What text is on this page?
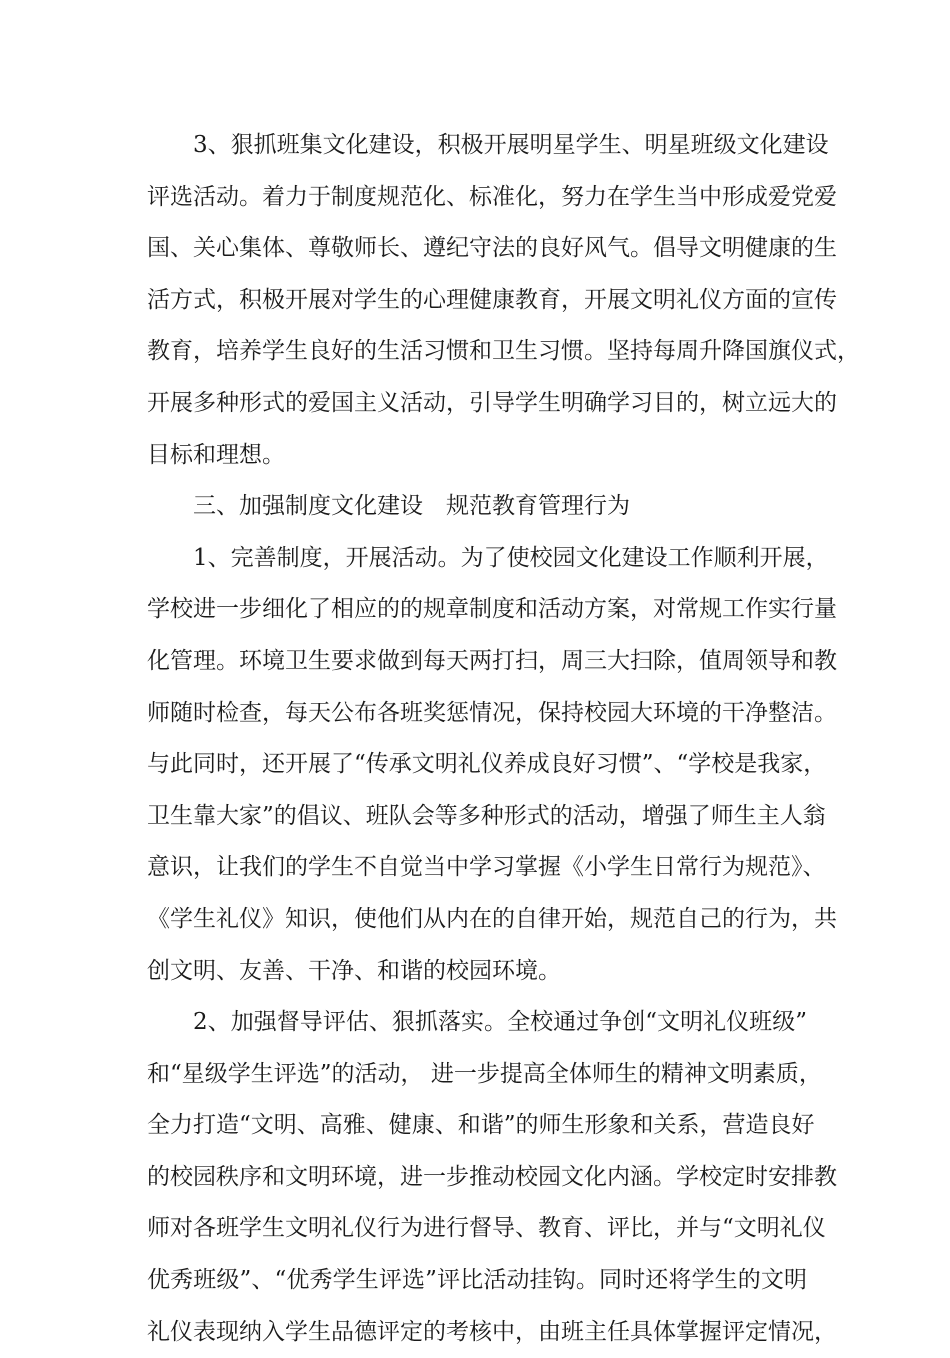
3、狠抓班集文化建设，积极开展明星学生、明星班级文化建设
评选活动。着力于制度规范化、标准化，努力在学生当中形成爱党爱
国、关心集体、尊敬师长、遵纪守法的良好风气。倡导文明健康的生
活方式，积极开展对学生的心理健康教育，开展文明礼仪方面的宣传
教育，培养学生良好的生活习惯和卫生习惯。坚持每周升降国旗仪式，
开展多种形式的爱国主义活动，引导学生明确学习目的，树立远大的
目标和理想。
三、加强制度文化建设　规范教育管理行为
1、完善制度，开展活动。为了使校园文化建设工作顺利开展，
学校进一步细化了相应的的规章制度和活动方案，对常规工作实行量
化管理。环境卫生要求做到每天两打扫，周三大扫除，值周领导和教
师随时检查，每天公布各班奖惩情况，保持校园大环境的干净整洁。
与此同时，还开展了“传承文明礼仪养成良好习惯”、“学校是我家，
卫生靠大家”的倡议、班队会等多种形式的活动，增强了师生主人翁
意识，让我们的学生不自觉当中学习掌握《小学生日常行为规范》、
《学生礼仪》知识，使他们从内在的自律开始，规范自己的行为，共
创文明、友善、干净、和谐的校园环境。
2、加强督导评估、狠抓落实。全校通过争创“文明礼仪班级”
和“星级学生评选”的活动， 进一步提高全体师生的精神文明素质，
全力打造“文明、高雅、健康、和谐”的师生形象和关系，营造良好
的校园秩序和文明环境，进一步推动校园文化内涵。学校定时安排教
师对各班学生文明礼仪行为进行督导、教育、评比，并与“文明礼仪
优秀班级”、“优秀学生评选”评比活动挂钩。同时还将学生的文明
礼仪表现纳入学生品德评定的考核中，由班主任具体掌握评定情况，
